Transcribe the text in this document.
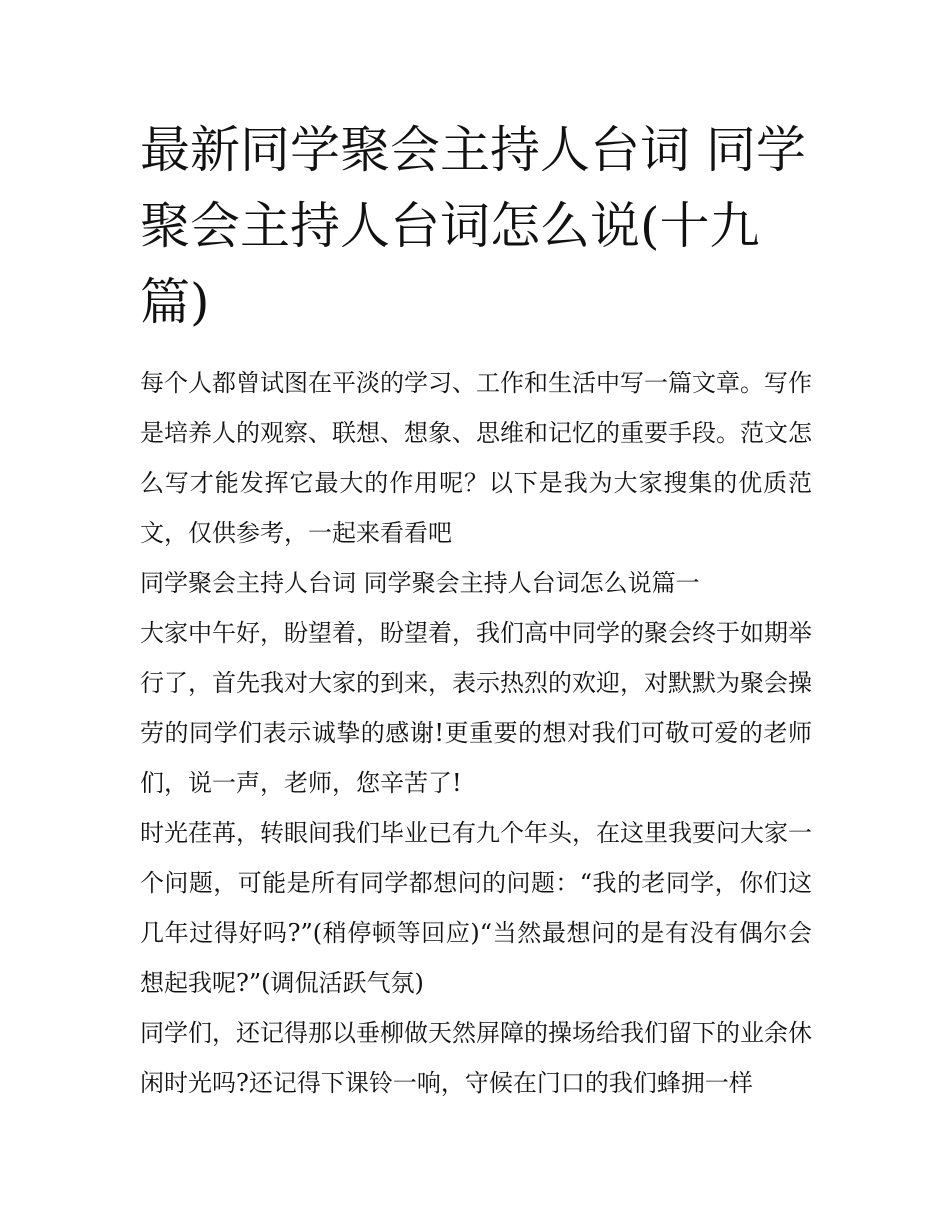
最新同学聚会主持人台词 同学聚会主持人台词怎么说(十九篇)

每个人都曾试图在平淡的学习、工作和生活中写一篇文章。写作是培养人的观察、联想、想象、思维和记忆的重要手段。范文怎么写才能发挥它最大的作用呢？以下是我为大家搜集的优质范文，仅供参考，一起来看看吧

同学聚会主持人台词 同学聚会主持人台词怎么说篇一

大家中午好，盼望着，盼望着，我们高中同学的聚会终于如期举行了，首先我对大家的到来，表示热烈的欢迎，对默默为聚会操劳的同学们表示诚挚的感谢!更重要的想对我们可敬可爱的老师们，说一声，老师，您辛苦了!

时光荏苒，转眼间我们毕业已有九个年头，在这里我要问大家一个问题，可能是所有同学都想问的问题：“我的老同学，你们这几年过得好吗?”(稍停顿等回应)“当然最想问的是有没有偶尔会想起我呢?”(调侃活跃气氛)

同学们，还记得那以垂柳做天然屏障的操场给我们留下的业余休闲时光吗?还记得下课铃一响，守候在门口的我们蜂拥一样
